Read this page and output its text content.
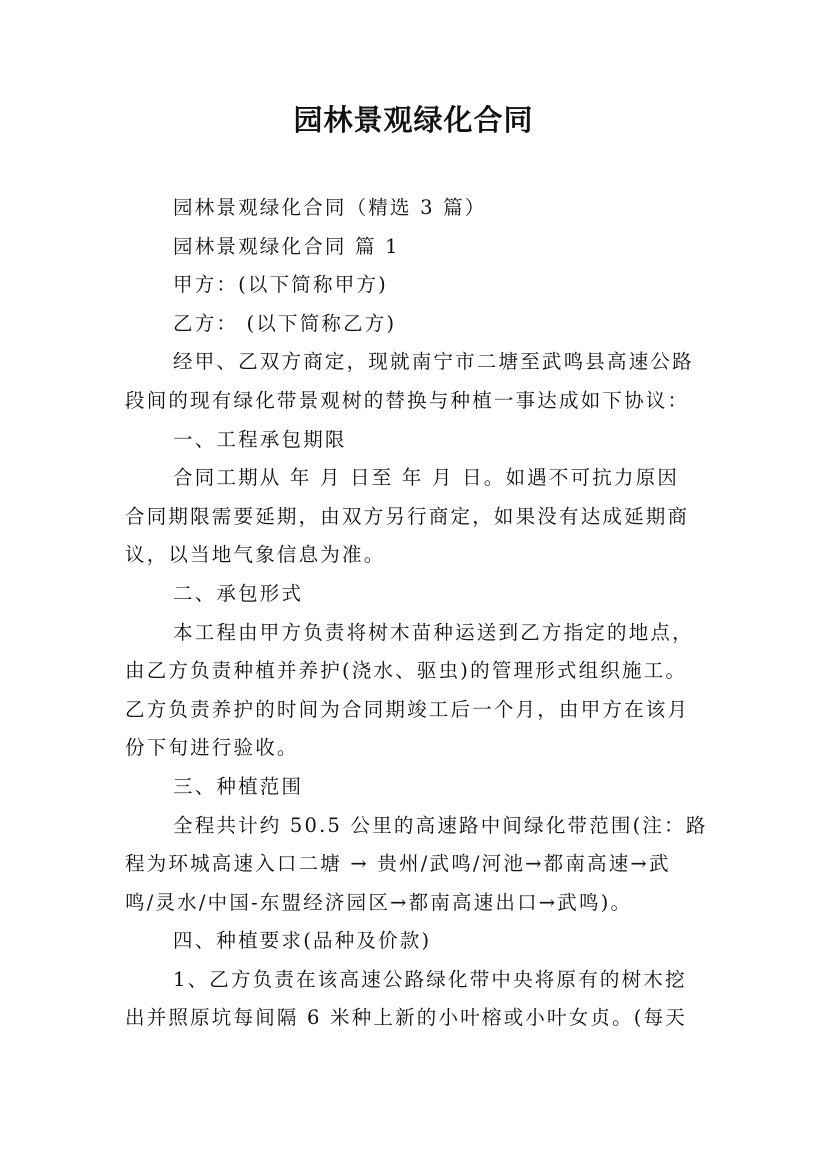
园林景观绿化合同
园林景观绿化合同（精选 3 篇）
园林景观绿化合同 篇 1
甲方：(以下简称甲方)
乙方： (以下简称乙方)
经甲、乙双方商定，现就南宁市二塘至武鸣县高速公路
段间的现有绿化带景观树的替换与种植一事达成如下协议：
一、工程承包期限
合同工期从 年 月 日至 年 月 日。如遇不可抗力原因
合同期限需要延期，由双方另行商定，如果没有达成延期商
议，以当地气象信息为准。
二、承包形式
本工程由甲方负责将树木苗种运送到乙方指定的地点，
由乙方负责种植并养护(浇水、驱虫)的管理形式组织施工。
乙方负责养护的时间为合同期竣工后一个月，由甲方在该月
份下旬进行验收。
三、种植范围
全程共计约 50.5 公里的高速路中间绿化带范围(注：路
程为环城高速入口二塘 → 贵州/武鸣/河池→都南高速→武
鸣/灵水/中国-东盟经济园区→都南高速出口→武鸣)。
四、种植要求(品种及价款)
1、乙方负责在该高速公路绿化带中央将原有的树木挖
出并照原坑每间隔 6 米种上新的小叶榕或小叶女贞。(每天
